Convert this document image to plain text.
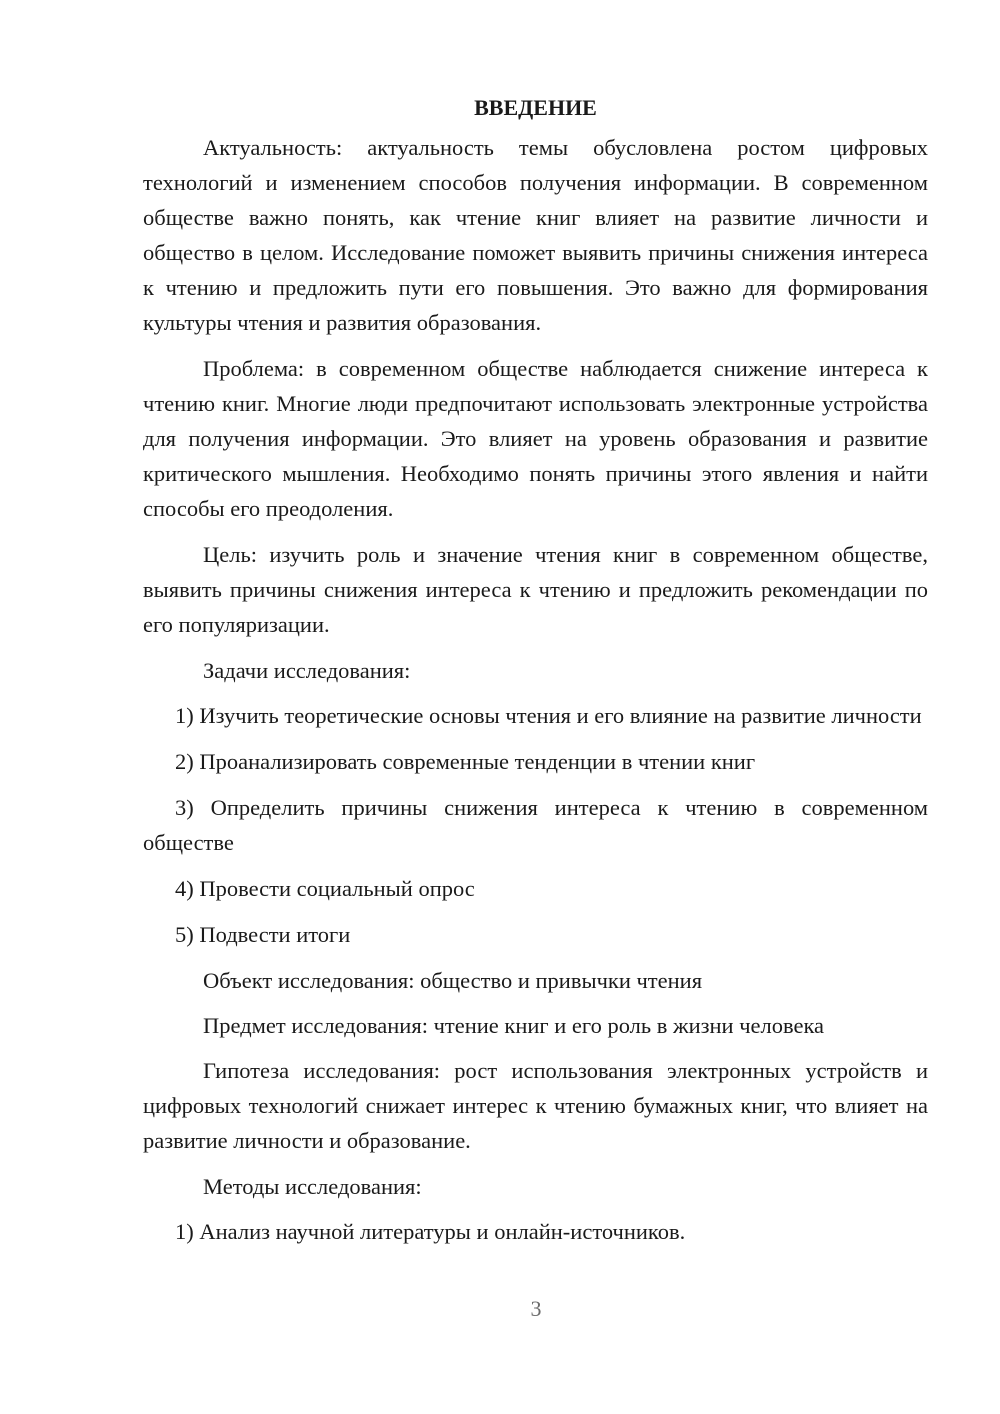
ВВЕДЕНИЕ

Актуальность: актуальность темы обусловлена ростом цифровых технологий и изменением способов получения информации. В современном обществе важно понять, как чтение книг влияет на развитие личности и общество в целом. Исследование поможет выявить причины снижения интереса к чтению и предложить пути его повышения. Это важно для формирования культуры чтения и развития образования.

Проблема: в современном обществе наблюдается снижение интереса к чтению книг. Многие люди предпочитают использовать электронные устройства для получения информации. Это влияет на уровень образования и развитие критического мышления. Необходимо понять причины этого явления и найти способы его преодоления.

Цель: изучить роль и значение чтения книг в современном обществе, выявить причины снижения интереса к чтению и предложить рекомендации по его популяризации.

Задачи исследования:

1) Изучить теоретические основы чтения и его влияние на развитие личности

2) Проанализировать современные тенденции в чтении книг

3) Определить причины снижения интереса к чтению в современном обществе

4) Провести социальный опрос

5) Подвести итоги

Объект исследования: общество и привычки чтения

Предмет исследования: чтение книг и его роль в жизни человека

Гипотеза исследования: рост использования электронных устройств и цифровых технологий снижает интерес к чтению бумажных книг, что влияет на развитие личности и образование.

Методы исследования:

1) Анализ научной литературы и онлайн-источников.

3
